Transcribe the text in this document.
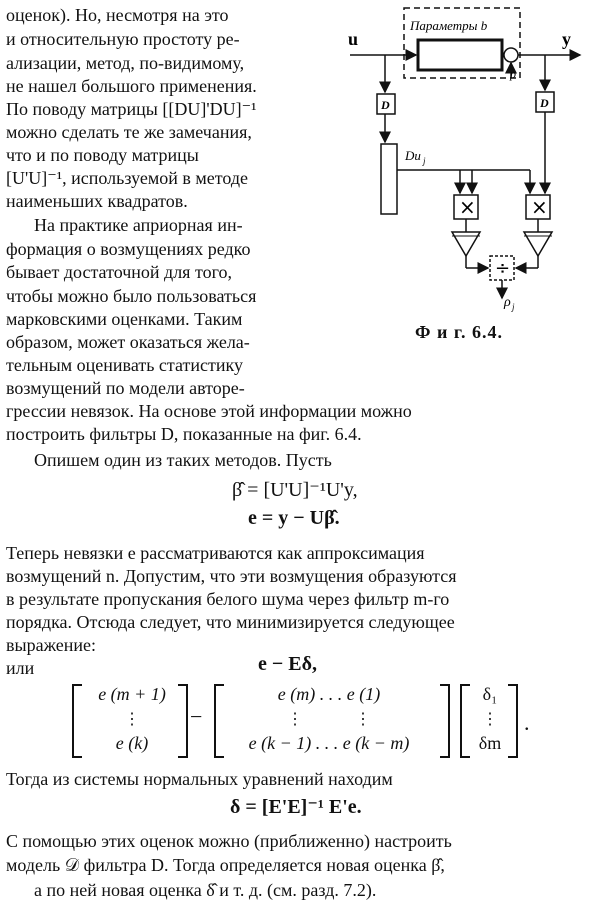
оценок). Но, несмотря на это
и относительную простоту ре-
ализации, метод, по-видимому,
не нашел большого применения.
По поводу матрицы [[DU]'DU]⁻¹
можно сделать те же замечания,
что и по поводу матрицы
[U'U]⁻¹, используемой в методе
наименьших квадратов.
На практике априорная ин-
формация о возмущениях редко
бывает достаточной для того,
чтобы можно было пользоваться
марковскими оценками. Таким
образом, может оказаться жела-
тельным оценивать статистику
возмущений по модели авторе-
грессии невязок. На основе этой информации можно
построить фильтры D, показанные на фиг. 6.4.
Опишем один из таких методов. Пусть
β̂ = [U'U]⁻¹U'y,
e = y − Uβ̂.
Теперь невязки e рассматриваются как аппроксимация
возмущений n. Допустим, что эти возмущения образуются
в результате пропускания белого шума через фильтр m-го
порядка. Отсюда следует, что минимизируется следующее
выражение:
e − Eδ,
или
e (m + 1)
⋮
e (k)
−
e (m) . . . e (1)
⋮             ⋮
e (k − 1) . . . e (k − m)
δ₁
⋮
δm
.
Тогда из системы нормальных уравнений находим
δ = [E'E]⁻¹ E'e.
С помощью этих оценок можно (приближенно) настроить
модель 𝒟 фильтра D. Тогда определяется новая оценка β̂,
а по ней новая оценка δ̂ и т. д. (см. разд. 7.2).
Параметры b
u
p
y
D
Du j
D
×	×
÷
ρ j
Ф и г. 6.4.
